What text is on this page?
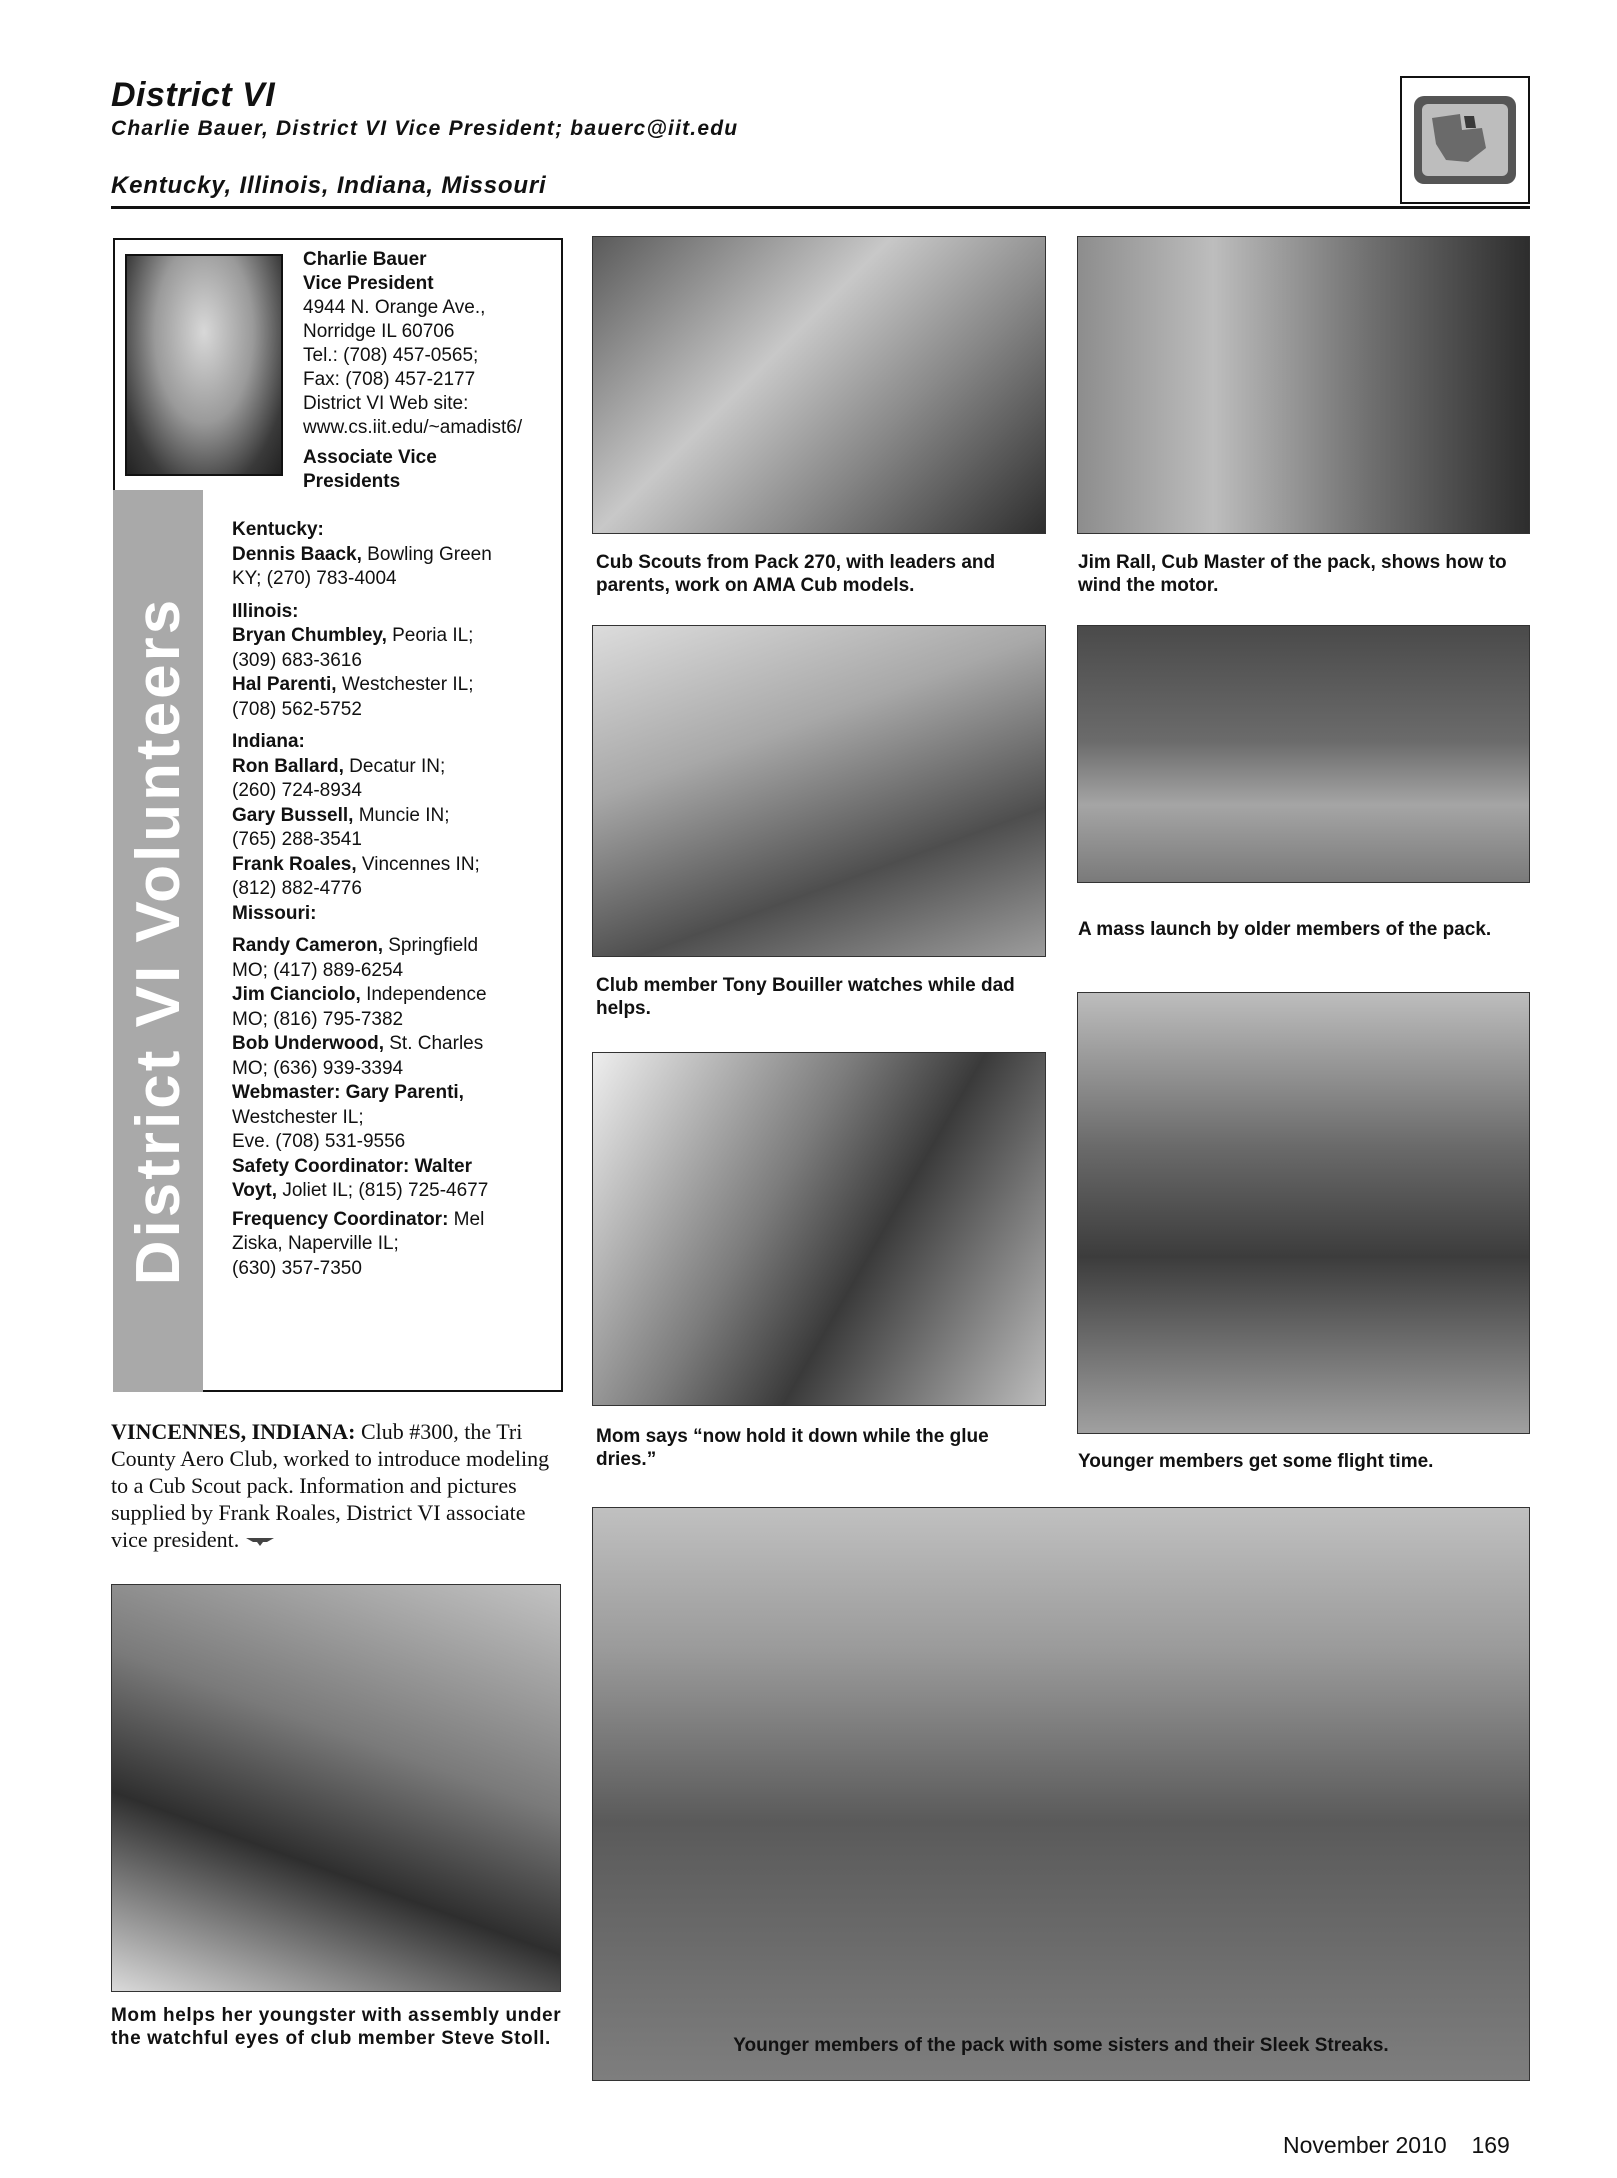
District VI
Charlie Bauer, District VI Vice President; bauerc@iit.edu
Kentucky, Illinois, Indiana, Missouri
District VI Volunteers
Charlie Bauer
Vice President
4944 N. Orange Ave.,
Norridge IL 60706
Tel.: (708) 457-0565;
Fax: (708) 457-2177
District VI Web site:
www.cs.iit.edu/~amadist6/
Associate Vice
Presidents
Kentucky:
Dennis Baack, Bowling Green
KY; (270) 783-4004
Illinois:
Bryan Chumbley, Peoria IL;
(309) 683-3616
Hal Parenti, Westchester IL;
(708) 562-5752
Indiana:
Ron Ballard, Decatur IN;
(260) 724-8934
Gary Bussell, Muncie IN;
(765) 288-3541
Frank Roales, Vincennes IN;
(812) 882-4776
Missouri:
Randy Cameron, Springfield
MO; (417) 889-6254
Jim Cianciolo, Independence
MO; (816) 795-7382
Bob Underwood, St. Charles
MO; (636) 939-3394
Webmaster: Gary Parenti,
Westchester IL;
Eve. (708) 531-9556
Safety Coordinator: Walter
Voyt, Joliet IL; (815) 725-4677
Frequency Coordinator: Mel
Ziska, Naperville IL;
(630) 357-7350
VINCENNES, INDIANA: Club #300, the Tri County Aero Club, worked to introduce modeling to a Cub Scout pack. Information and pictures supplied by Frank Roales, District VI associate vice president.
Cub Scouts from Pack 270, with leaders and parents, work on AMA Cub models.
Jim Rall, Cub Master of the pack, shows how to wind the motor.
Club member Tony Bouiller watches while dad helps.
A mass launch by older members of the pack.
Mom says “now hold it down while the glue dries.”	Younger members get some flight time.
Mom helps her youngster with assembly under the watchful eyes of club member Steve Stoll.	Younger members of the pack with some sisters and their Sleek Streaks.
November 2010 169
